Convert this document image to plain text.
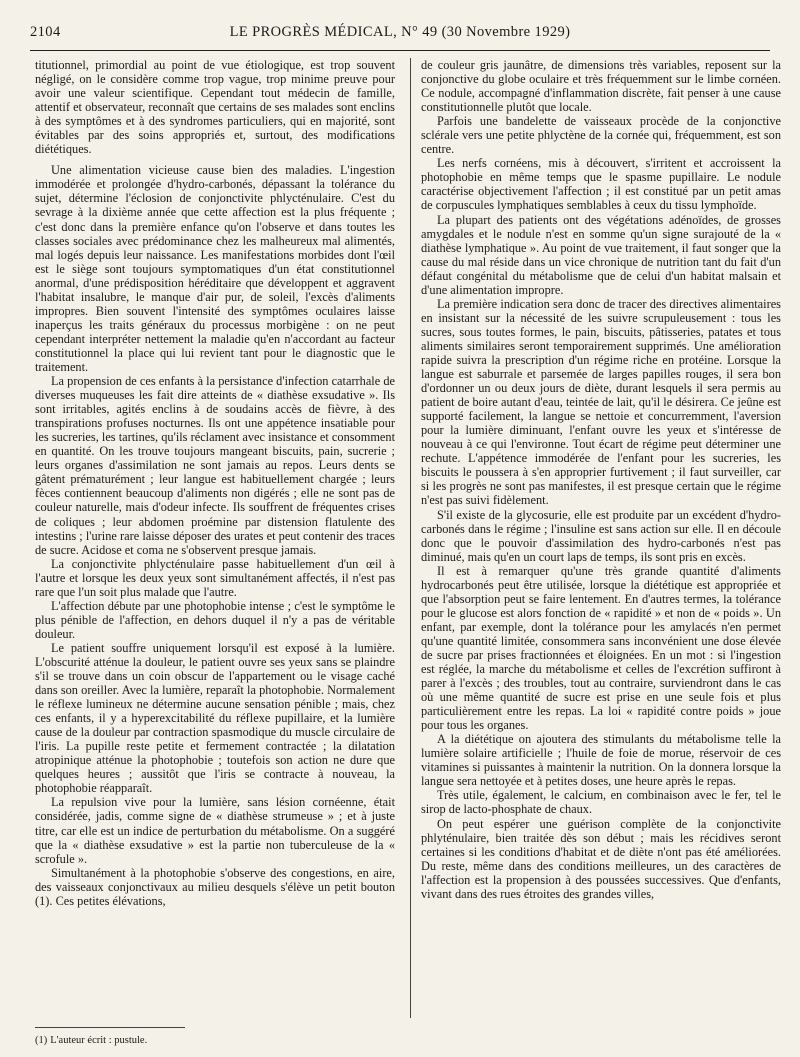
2104	LE PROGRÈS MÉDICAL, N° 49 (30 Novembre 1929)

titutionnel, primordial au point de vue étiologique, est trop souvent négligé, on le considère comme trop vague, trop minime preuve pour avoir une valeur scientifique. Cependant tout médecin de famille, attentif et observateur, reconnaît que certains de ses malades sont enclins à des symptômes et à des syndromes particuliers, qui en majorité, sont évitables par des soins appropriés et, surtout, des modifications diététiques.

Une alimentation vicieuse cause bien des maladies. L'ingestion immodérée et prolongée d'hydro-carbonés, dépassant la tolérance du sujet, détermine l'éclosion de conjonctivite phlycténulaire. C'est du sevrage à la dixième année que cette affection est la plus fréquente ; c'est donc dans la première enfance qu'on l'observe et dans toutes les classes sociales avec prédominance chez les malheureux mal alimentés, mal logés depuis leur naissance. Les manifestations morbides dont l'œil est le siège sont toujours symptomatiques d'un état constitutionnel anormal, d'une prédisposition héréditaire que développent et aggravent l'habitat insalubre, le manque d'air pur, de soleil, l'excès d'aliments impropres. Bien souvent l'intensité des symptômes oculaires laisse inaperçus les traits généraux du processus morbigène : on ne peut cependant interpréter nettement la maladie qu'en n'accordant au facteur constitutionnel la place qui lui revient tant pour le diagnostic que le traitement.

La propension de ces enfants à la persistance d'infection catarrhale de diverses muqueuses les fait dire atteints de « diathèse exsudative ». Ils sont irritables, agités enclins à de soudains accès de fièvre, à des transpirations profuses nocturnes. Ils ont une appétence insatiable pour les sucreries, les tartines, qu'ils réclament avec insistance et consomment en quantité. On les trouve toujours mangeant biscuits, pain, sucrerie ; leurs organes d'assimilation ne sont jamais au repos. Leurs dents se gâtent prématurément ; leur langue est habituellement chargée ; leurs fèces contiennent beaucoup d'aliments non digérés ; elle ne sont pas de couleur naturelle, mais d'odeur infecte. Ils souffrent de fréquentes crises de coliques ; leur abdomen proémine par distension flatulente des intestins ; l'urine rare laisse déposer des urates et peut contenir des traces de sucre. Acidose et coma ne s'observent presque jamais.

La conjonctivite phlycténulaire passe habituellement d'un œil à l'autre et lorsque les deux yeux sont simultanément affectés, il n'est pas rare que l'un soit plus malade que l'autre.

L'affection débute par une photophobie intense ; c'est le symptôme le plus pénible de l'affection, en dehors duquel il n'y a pas de véritable douleur.

Le patient souffre uniquement lorsqu'il est exposé à la lumière. L'obscurité atténue la douleur, le patient ouvre ses yeux sans se plaindre s'il se trouve dans un coin obscur de l'appartement ou le visage caché dans son oreiller. Avec la lumière, reparaît la photophobie. Normalement le réflexe lumineux ne détermine aucune sensation pénible ; mais, chez ces enfants, il y a hyperexcitabilité du réflexe pupillaire, et la lumière cause de la douleur par contraction spasmodique du muscle circulaire de l'iris. La pupille reste petite et fermement contractée ; la dilatation atropinique atténue la photophobie ; toutefois son action ne dure que quelques heures ; aussitôt que l'iris se contracte à nouveau, la photophobie réapparaît.

La repulsion vive pour la lumière, sans lésion cornéenne, était considérée, jadis, comme signe de « diathèse strumeuse » ; et à juste titre, car elle est un indice de perturbation du métabolisme. On a suggéré que la « diathèse exsudative » est la partie non tuberculeuse de la « scrofule ».

Simultanément à la photophobie s'observe des congestions, en aire, des vaisseaux conjonctivaux au milieu desquels s'élève un petit bouton (1). Ces petites élévations,

de couleur gris jaunâtre, de dimensions très variables, reposent sur la conjonctive du globe oculaire et très fréquemment sur le limbe cornéen. Ce nodule, accompagné d'inflammation discrète, fait penser à une cause constitutionnelle plutôt que locale.

Parfois une bandelette de vaisseaux procède de la conjonctive sclérale vers une petite phlyctène de la cornée qui, fréquemment, est son centre.

Les nerfs cornéens, mis à découvert, s'irritent et accroissent la photophobie en même temps que le spasme pupillaire. Le nodule caractérise objectivement l'affection ; il est constitué par un petit amas de corpuscules lymphatiques semblables à ceux du tissu lymphoïde.

La plupart des patients ont des végétations adénoïdes, de grosses amygdales et le nodule n'est en somme qu'un signe surajouté de la « diathèse lymphatique ». Au point de vue traitement, il faut songer que la cause du mal réside dans un vice chronique de nutrition tant du fait d'un défaut congénital du métabolisme que de celui d'un habitat malsain et d'une alimentation impropre.

La première indication sera donc de tracer des directives alimentaires en insistant sur la nécessité de les suivre scrupuleusement : tous les sucres, sous toutes formes, le pain, biscuits, pâtisseries, patates et tous aliments similaires seront temporairement supprimés. Une amélioration rapide suivra la prescription d'un régime riche en protéine. Lorsque la langue est saburrale et parsemée de larges papilles rouges, il sera bon d'ordonner un ou deux jours de diète, durant lesquels il sera permis au patient de boire autant d'eau, teintée de lait, qu'il le désirera. Ce jeûne est supporté facilement, la langue se nettoie et concurremment, l'aversion pour la lumière diminuant, l'enfant ouvre les yeux et s'intéresse de nouveau à ce qui l'environne. Tout écart de régime peut déterminer une rechute. L'appétence immodérée de l'enfant pour les sucreries, les biscuits le poussera à s'en approprier furtivement ; il faut surveiller, car si les progrès ne sont pas manifestes, il est presque certain que le régime n'est pas suivi fidèlement.

S'il existe de la glycosurie, elle est produite par un excédent d'hydro-carbonés dans le régime ; l'insuline est sans action sur elle. Il en découle donc que le pouvoir d'assimilation des hydro-carbonés n'est pas diminué, mais qu'en un court laps de temps, ils sont pris en excès.

Il est à remarquer qu'une très grande quantité d'aliments hydrocarbonés peut être utilisée, lorsque la diététique est appropriée et que l'absorption peut se faire lentement. En d'autres termes, la tolérance pour le glucose est alors fonction de « rapidité » et non de « poids ». Un enfant, par exemple, dont la tolérance pour les amylacés n'en permet qu'une quantité limitée, consommera sans inconvénient une dose élevée de sucre par prises fractionnées et éloignées. En un mot : si l'ingestion est réglée, la marche du métabolisme et celles de l'excrétion suffiront à parer à l'excès ; des troubles, tout au contraire, surviendront dans le cas où une même quantité de sucre est prise en une seule fois et plus particulièrement entre les repas. La loi « rapidité contre poids » joue pour tous les organes.

A la diététique on ajoutera des stimulants du métabolisme telle la lumière solaire artificielle ; l'huile de foie de morue, réservoir de ces vitamines si puissantes à maintenir la nutrition. On la donnera lorsque la langue sera nettoyée et à petites doses, une heure après le repas.

Très utile, également, le calcium, en combinaison avec le fer, tel le sirop de lacto-phosphate de chaux.

On peut espérer une guérison complète de la conjonctivite phlyténulaire, bien traitée dès son début ; mais les récidives seront certaines si les conditions d'habitat et de diète n'ont pas été améliorées. Du reste, même dans des conditions meilleures, un des caractères de l'affection est la propension à des poussées successives. Que d'enfants, vivant dans des rues étroites des grandes villes,

(1) L'auteur écrit : pustule.
